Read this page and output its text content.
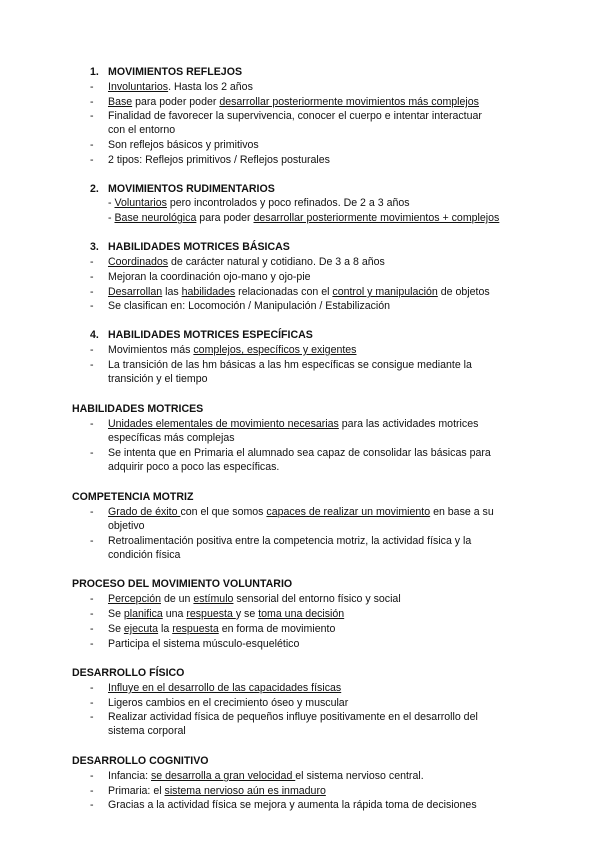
1. MOVIMIENTOS REFLEJOS
- Involuntarios. Hasta los 2 años
- Base para poder poder desarrollar posteriormente movimientos más complejos
- Finalidad de favorecer la supervivencia, conocer el cuerpo e intentar interactuar
con el entorno
- Son reflejos básicos y primitivos
- 2 tipos: Reflejos primitivos / Reflejos posturales
2. MOVIMIENTOS RUDIMENTARIOS
- Voluntarios pero incontrolados y poco refinados. De 2 a 3 años
- Base neurológica para poder desarrollar posteriormente movimientos + complejos
3. HABILIDADES MOTRICES BÁSICAS
- Coordinados de carácter natural y cotidiano. De 3 a 8 años
- Mejoran la coordinación ojo-mano y ojo-pie
- Desarrollan las habilidades relacionadas con el control y manipulación de objetos
- Se clasifican en: Locomoción / Manipulación / Estabilización
4. HABILIDADES MOTRICES ESPECÍFICAS
- Movimientos más complejos, específicos y exigentes
- La transición de las hm básicas a las hm específicas se consigue mediante la
transición y el tiempo
HABILIDADES MOTRICES
- Unidades elementales de movimiento necesarias para las actividades motrices
específicas más complejas
- Se intenta que en Primaria el alumnado sea capaz de consolidar las básicas para
adquirir poco a poco las específicas.
COMPETENCIA MOTRIZ
- Grado de éxito con el que somos capaces de realizar un movimiento en base a su
objetivo
- Retroalimentación positiva entre la competencia motriz, la actividad física y la
condición física
PROCESO DEL MOVIMIENTO VOLUNTARIO
- Percepción de un estímulo sensorial del entorno físico y social
- Se planifica una respuesta y se toma una decisión
- Se ejecuta la respuesta en forma de movimiento
- Participa el sistema músculo-esquelético
DESARROLLO FÍSICO
- Influye en el desarrollo de las capacidades físicas
- Ligeros cambios en el crecimiento óseo y muscular
- Realizar actividad física de pequeños influye positivamente en el desarrollo del
sistema corporal
DESARROLLO COGNITIVO
- Infancia: se desarrolla a gran velocidad el sistema nervioso central.
- Primaria: el sistema nervioso aún es inmaduro
- Gracias a la actividad física se mejora y aumenta la rápida toma de decisiones
